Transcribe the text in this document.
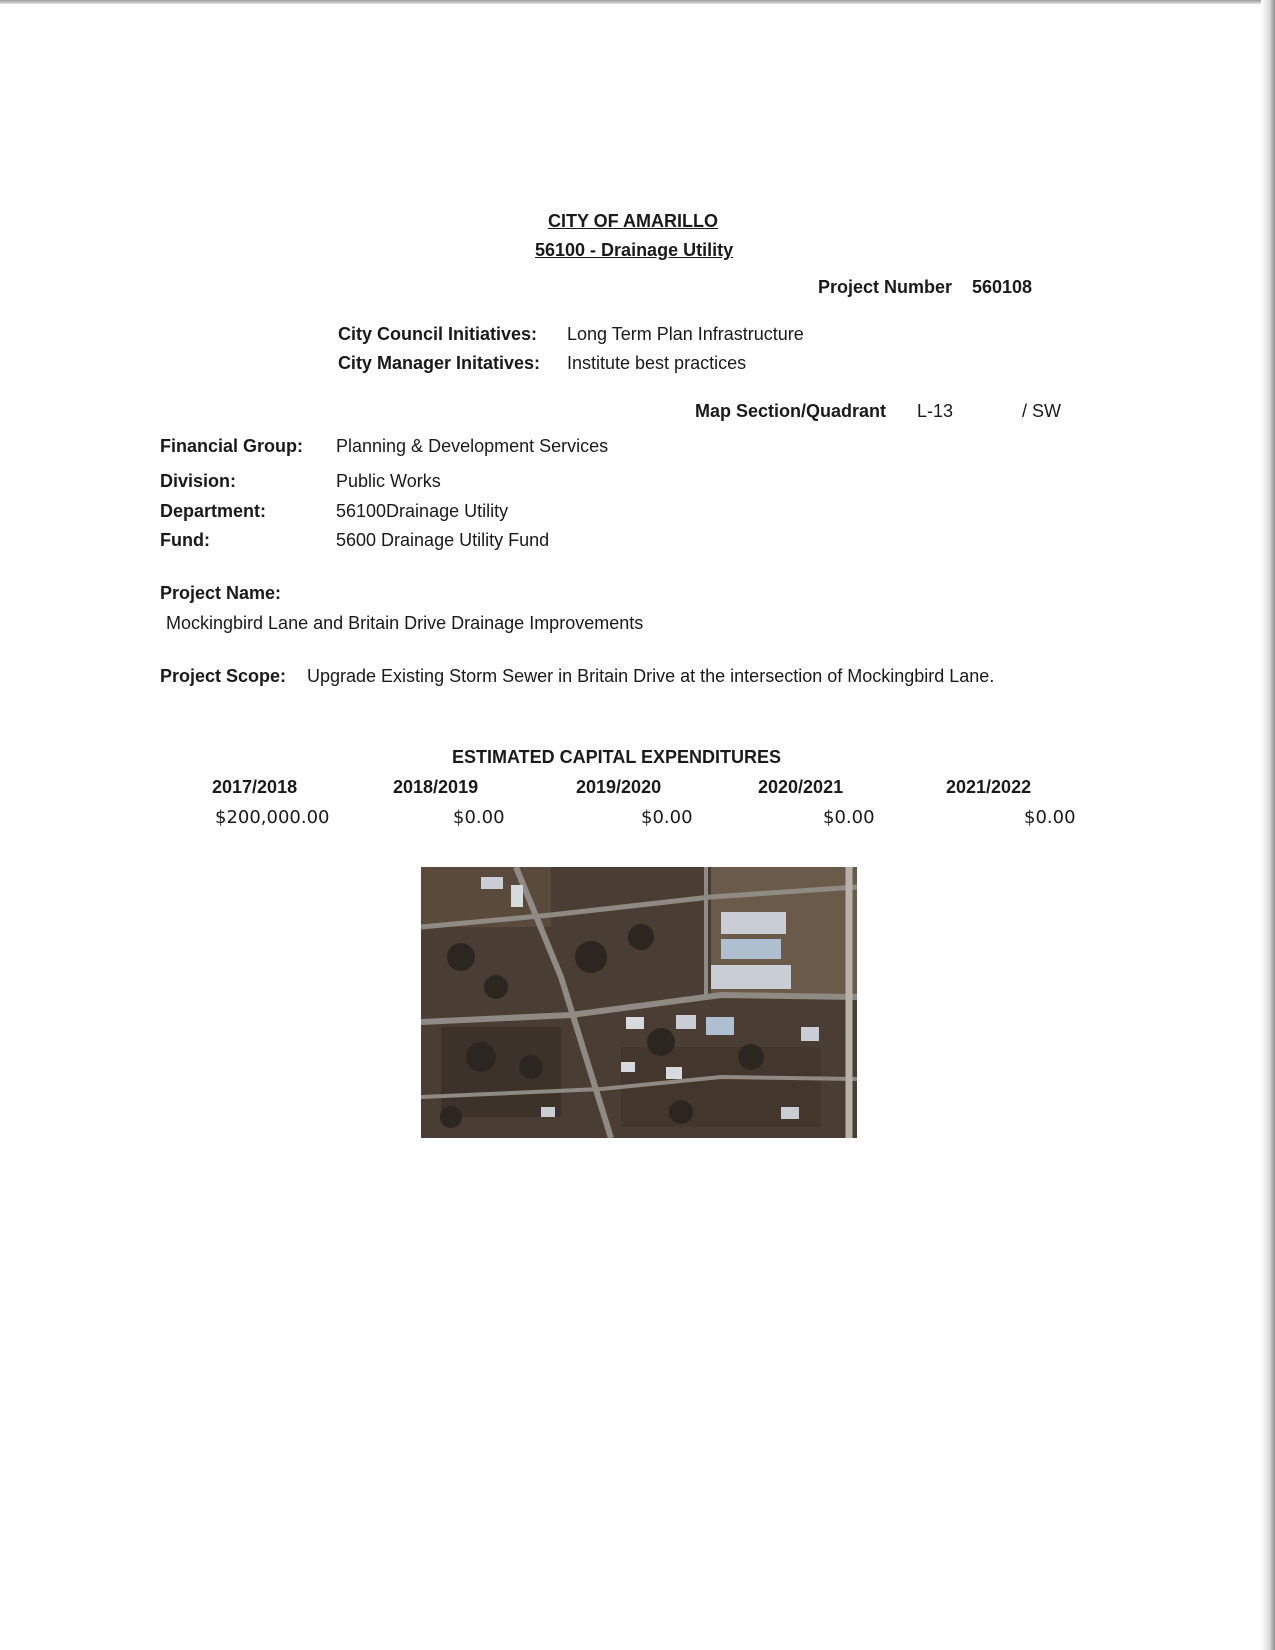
CITY OF AMARILLO
56100 - Drainage Utility
Project Number 560108
City Council Initiatives: Long Term Plan Infrastructure
City Manager Initatives: Institute best practices
Map Section/Quadrant L-13	/ SW
Financial Group: Planning & Development Services
Division:	Public Works
Department:	56100Drainage Utility
Fund:	5600 Drainage Utility Fund
Project Name:
Mockingbird Lane and Britain Drive Drainage Improvements
Project Scope: Upgrade Existing Storm Sewer in Britain Drive at the intersection of Mockingbird Lane.
ESTIMATED CAPITAL EXPENDITURES
2017/2018	2018/2019	2019/2020	2020/2021	2021/2022
$200,000.00	$0.00	$0.00	$0.00	$0.00
